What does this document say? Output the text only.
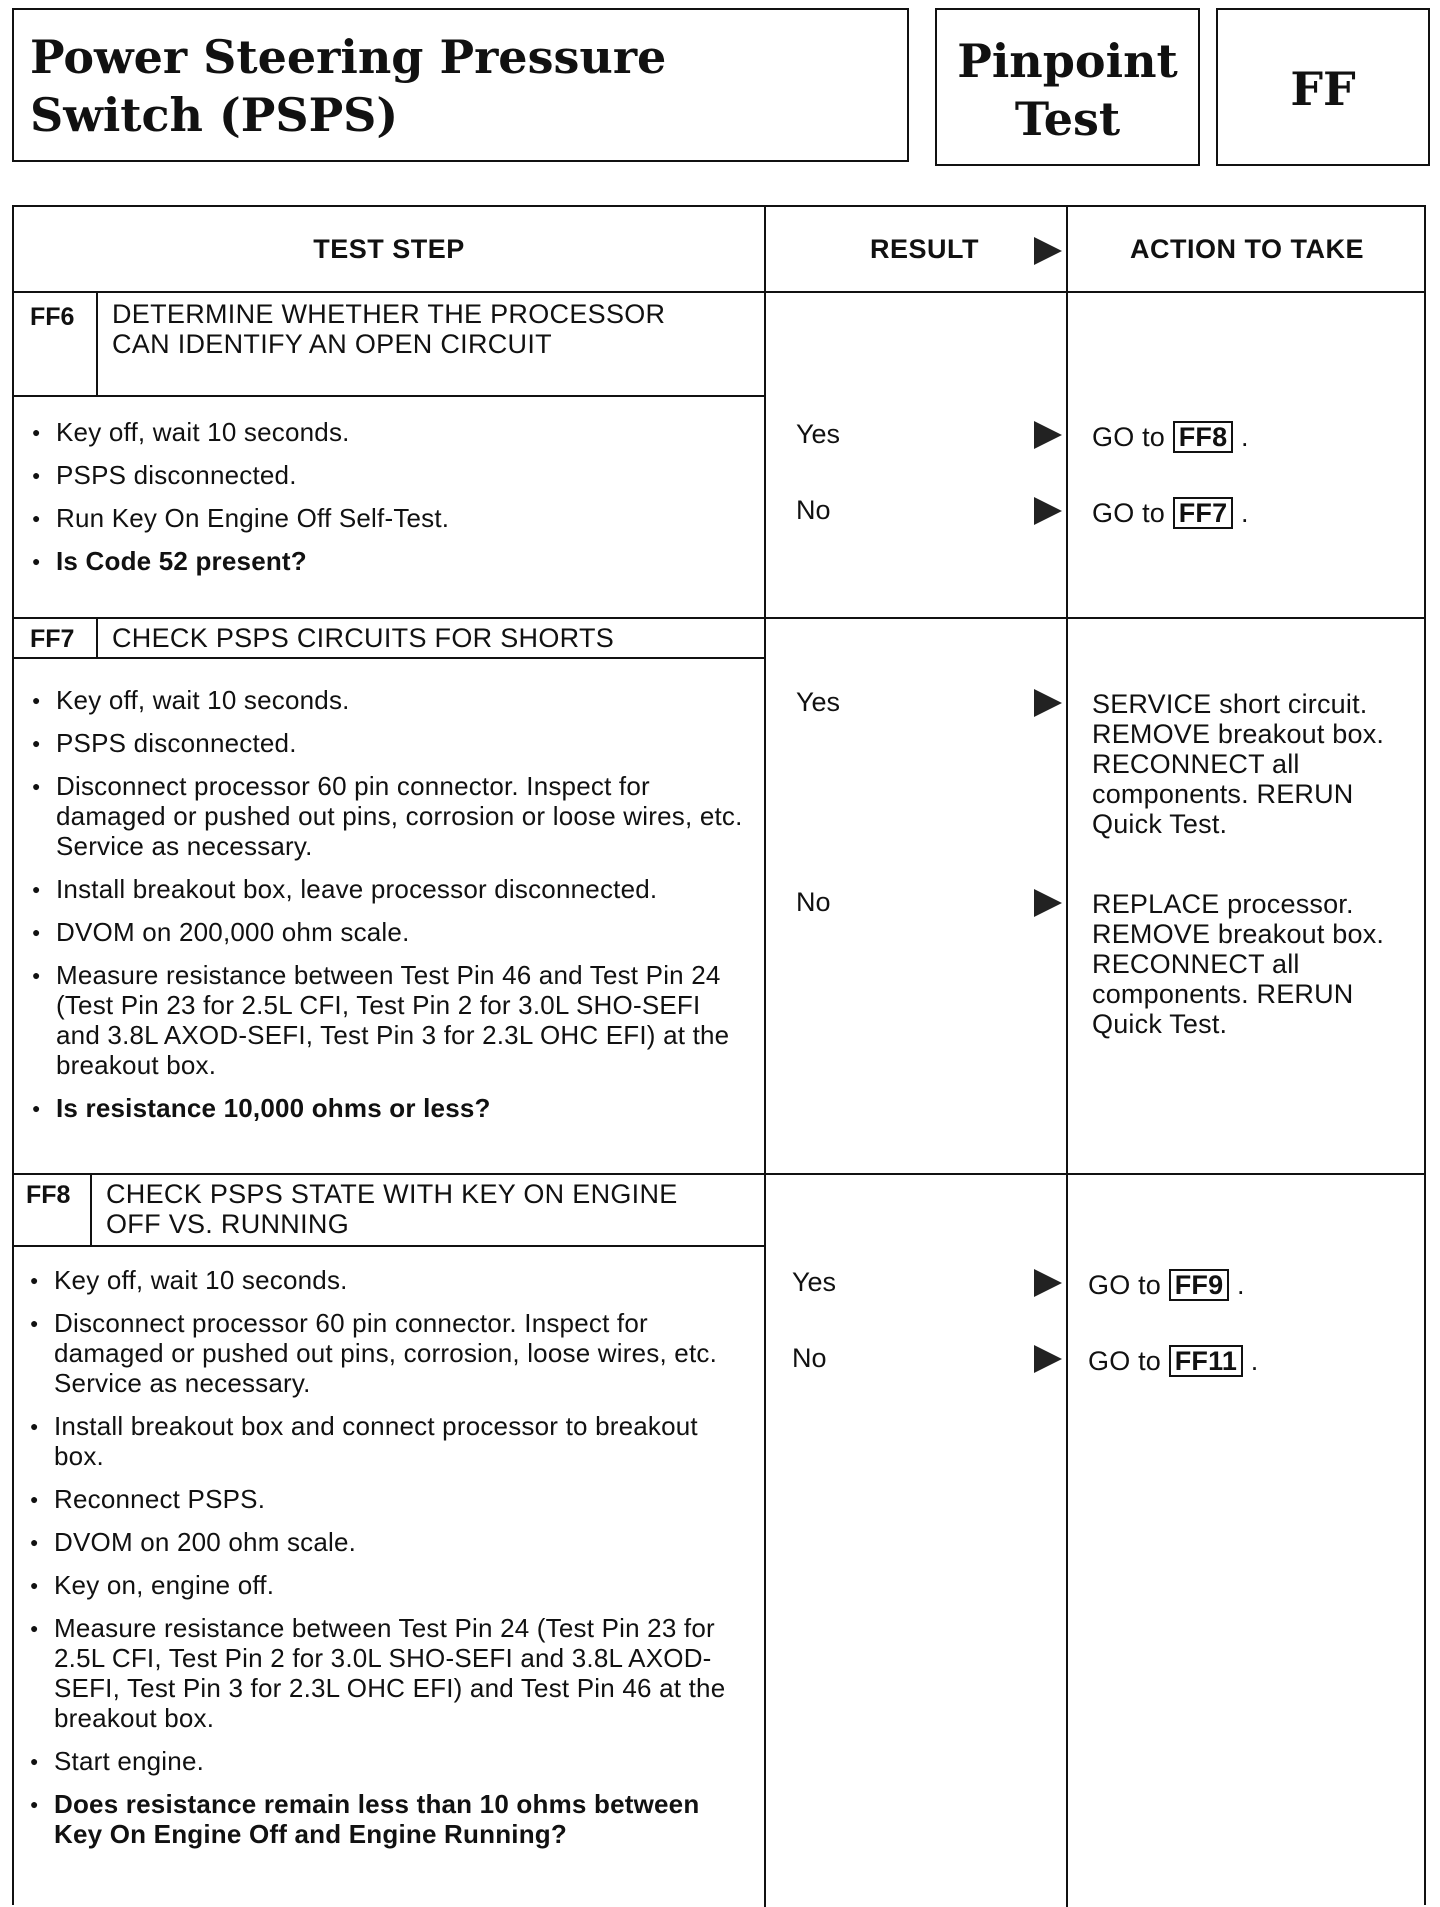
Power Steering Pressure
Switch (PSPS)
Pinpoint
Test
FF
TEST STEP	RESULT	ACTION TO TAKE
FF6 DETERMINE WHETHER THE PROCESSOR CAN IDENTIFY AN OPEN CIRCUIT
● Key off, wait 10 seconds.
● PSPS disconnected.
● Run Key On Engine Off Self-Test.
● Is Code 52 present?
Yes	GO to FF8 .
No	GO to FF7 .
FF7 CHECK PSPS CIRCUITS FOR SHORTS
● Key off, wait 10 seconds.
● PSPS disconnected.
● Disconnect processor 60 pin connector. Inspect for damaged or pushed out pins, corrosion or loose wires, etc. Service as necessary.
● Install breakout box, leave processor disconnected.
● DVOM on 200,000 ohm scale.
● Measure resistance between Test Pin 46 and Test Pin 24 (Test Pin 23 for 2.5L CFI, Test Pin 2 for 3.0L SHO-SEFI and 3.8L AXOD-SEFI, Test Pin 3 for 2.3L OHC EFI) at the breakout box.
● Is resistance 10,000 ohms or less?
Yes	SERVICE short circuit. REMOVE breakout box. RECONNECT all components. RERUN Quick Test.
No	REPLACE processor. REMOVE breakout box. RECONNECT all components. RERUN Quick Test.
FF8 CHECK PSPS STATE WITH KEY ON ENGINE OFF VS. RUNNING
● Key off, wait 10 seconds.
● Disconnect processor 60 pin connector. Inspect for damaged or pushed out pins, corrosion, loose wires, etc. Service as necessary.
● Install breakout box and connect processor to breakout box.
● Reconnect PSPS.
● DVOM on 200 ohm scale.
● Key on, engine off.
● Measure resistance between Test Pin 24 (Test Pin 23 for 2.5L CFI, Test Pin 2 for 3.0L SHO-SEFI and 3.8L AXOD-SEFI, Test Pin 3 for 2.3L OHC EFI) and Test Pin 46 at the breakout box.
● Start engine.
● Does resistance remain less than 10 ohms between Key On Engine Off and Engine Running?
Yes	GO to FF9 .
No	GO to FF11 .
